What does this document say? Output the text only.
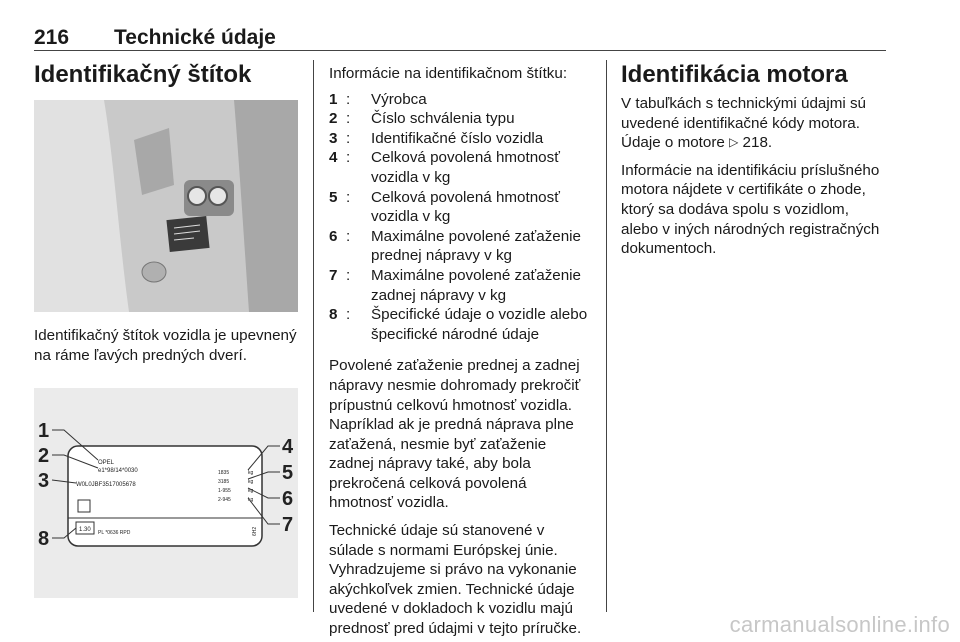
216 Technické údaje
Identifikačný štítok

Identifikačný štítok vozidla je upevnený na ráme ľavých predných dverí.

OPEL
e1*98/14*0030
W0L0JBF3517005678
1835
3185
1-955
2-945
kg
kg
kg
kg
1.30 PL *0636 RPD	6H2
1
2
3
4
5
6
7
8

Informácie na identifikačnom štítku:

1 : Výrobca
2 : Číslo schválenia typu
3 : Identifikačné číslo vozidla
4 : Celková povolená hmotnosť vozidla v kg
5 : Celková povolená hmotnosť vozidla v kg
6 : Maximálne povolené zaťaženie prednej nápravy v kg
7 : Maximálne povolené zaťaženie zadnej nápravy v kg
8 : Špecifické údaje o vozidle alebo špecifické národné údaje

Povolené zaťaženie prednej a zadnej nápravy nesmie dohromady prekročiť prípustnú celkovú hmotnosť vozidla. Napríklad ak je predná náprava plne zaťažená, nesmie byť zaťaženie zadnej nápravy také, aby bola prekročená celková povolená hmotnosť vozidla.

Technické údaje sú stanovené v súlade s normami Európskej únie. Vyhradzujeme si právo na vykonanie akýchkoľvek zmien. Technické údaje uvedené v dokladoch k vozidlu majú prednosť pred údajmi v tejto príručke.

Identifikácia motora

V tabuľkách s technickými údajmi sú uvedené identifikačné kódy motora.
Údaje o motore ▷ 218.

Informácie na identifikáciu príslušného motora nájdete v certifikáte o zhode, ktorý sa dodáva spolu s vozidlom, alebo v iných národných registračných dokumentoch.

carmanualsonline.info
